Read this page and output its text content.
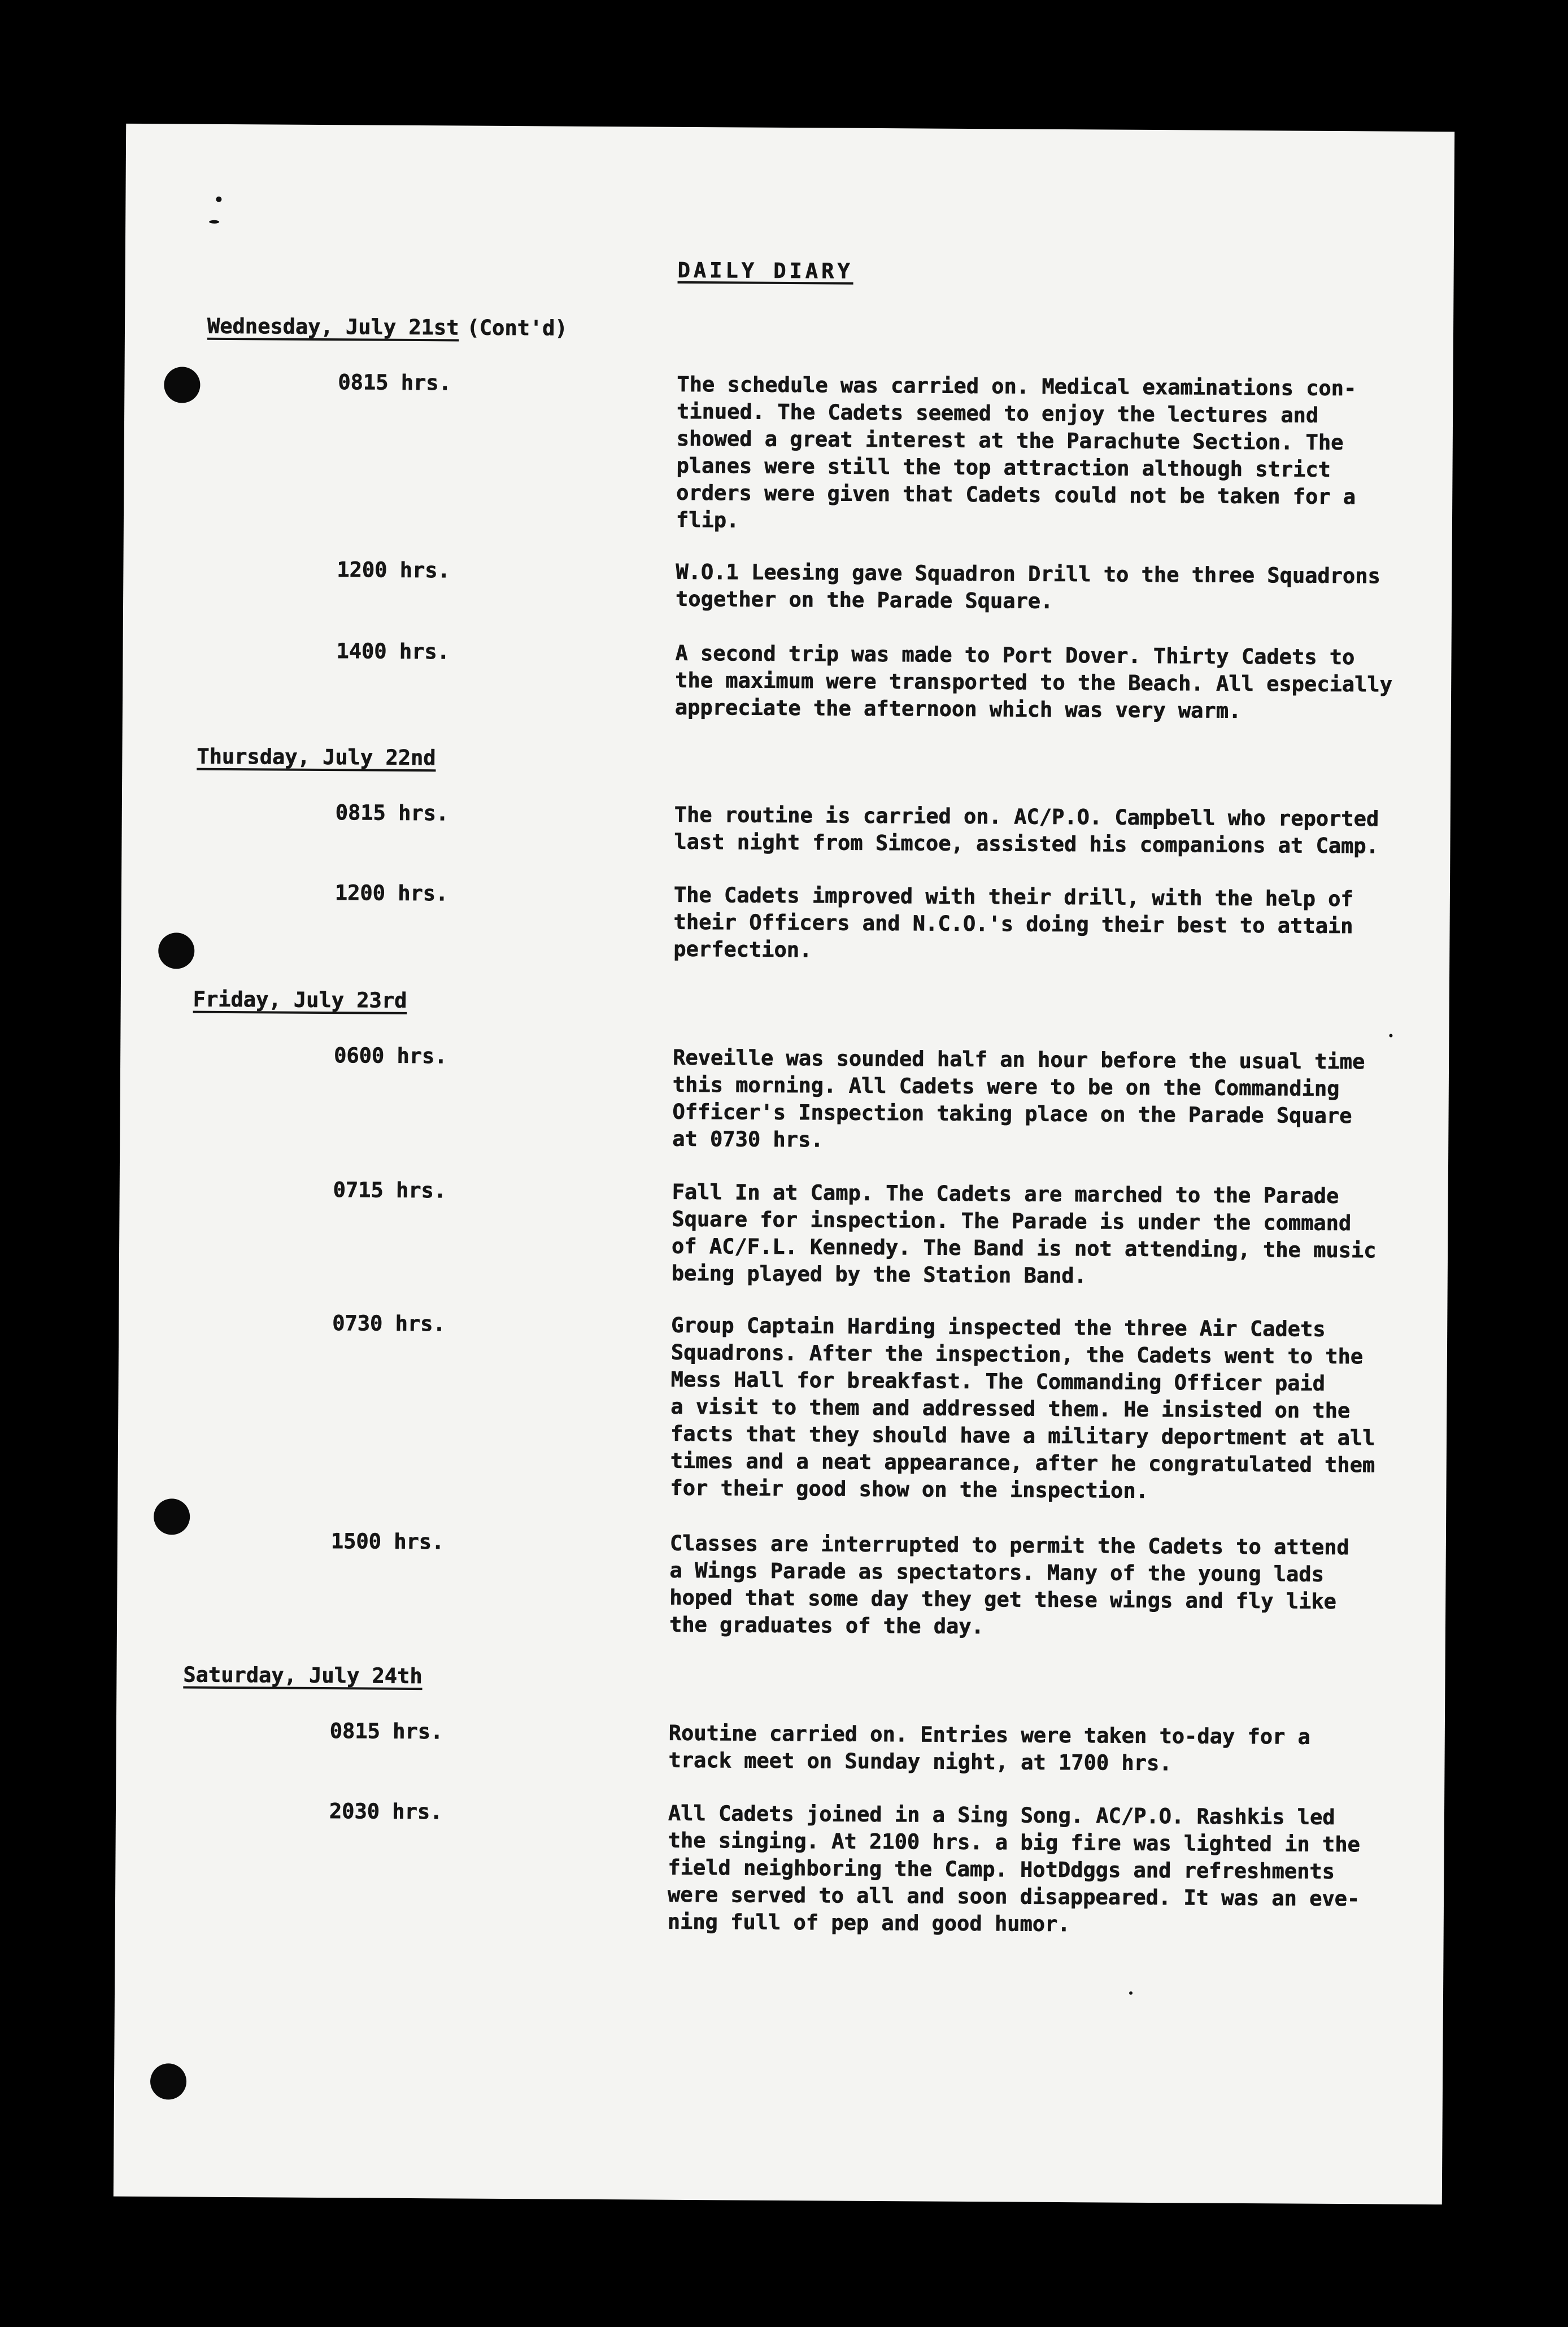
DAILY DIARY
Wednesday, July 21st (Cont'd)
0815 hrs.	The schedule was carried on. Medical examinations con-
tinued. The Cadets seemed to enjoy the lectures and
showed a great interest at the Parachute Section. The
planes were still the top attraction although strict
orders were given that Cadets could not be taken for a
flip.
1200 hrs.	W.O.1 Leesing gave Squadron Drill to the three Squadrons
together on the Parade Square.
1400 hrs.	A second trip was made to Port Dover. Thirty Cadets to
the maximum were transported to the Beach. All especially
appreciate the afternoon which was very warm.
Thursday, July 22nd
0815 hrs.	The routine is carried on. AC/P.O. Campbell who reported
last night from Simcoe, assisted his companions at Camp.
1200 hrs.	The Cadets improved with their drill, with the help of
their Officers and N.C.O.'s doing their best to attain
perfection.
Friday, July 23rd
0600 hrs.	Reveille was sounded half an hour before the usual time
this morning. All Cadets were to be on the Commanding
Officer's Inspection taking place on the Parade Square
at 0730 hrs.
0715 hrs.	Fall In at Camp. The Cadets are marched to the Parade
Square for inspection. The Parade is under the command
of AC/F.L. Kennedy. The Band is not attending, the music
being played by the Station Band.
0730 hrs.	Group Captain Harding inspected the three Air Cadets
Squadrons. After the inspection, the Cadets went to the
Mess Hall for breakfast. The Commanding Officer paid
a visit to them and addressed them. He insisted on the
facts that they should have a military deportment at all
times and a neat appearance, after he congratulated them
for their good show on the inspection.
1500 hrs.	Classes are interrupted to permit the Cadets to attend
a Wings Parade as spectators. Many of the young lads
hoped that some day they get these wings and fly like
the graduates of the day.
Saturday, July 24th
0815 hrs.	Routine carried on. Entries were taken to-day for a
track meet on Sunday night, at 1700 hrs.
2030 hrs.	All Cadets joined in a Sing Song. AC/P.O. Rashkis led
the singing. At 2100 hrs. a big fire was lighted in the
field neighboring the Camp. HotDdggs and refreshments
were served to all and soon disappeared. It was an eve-
ning full of pep and good humor.
